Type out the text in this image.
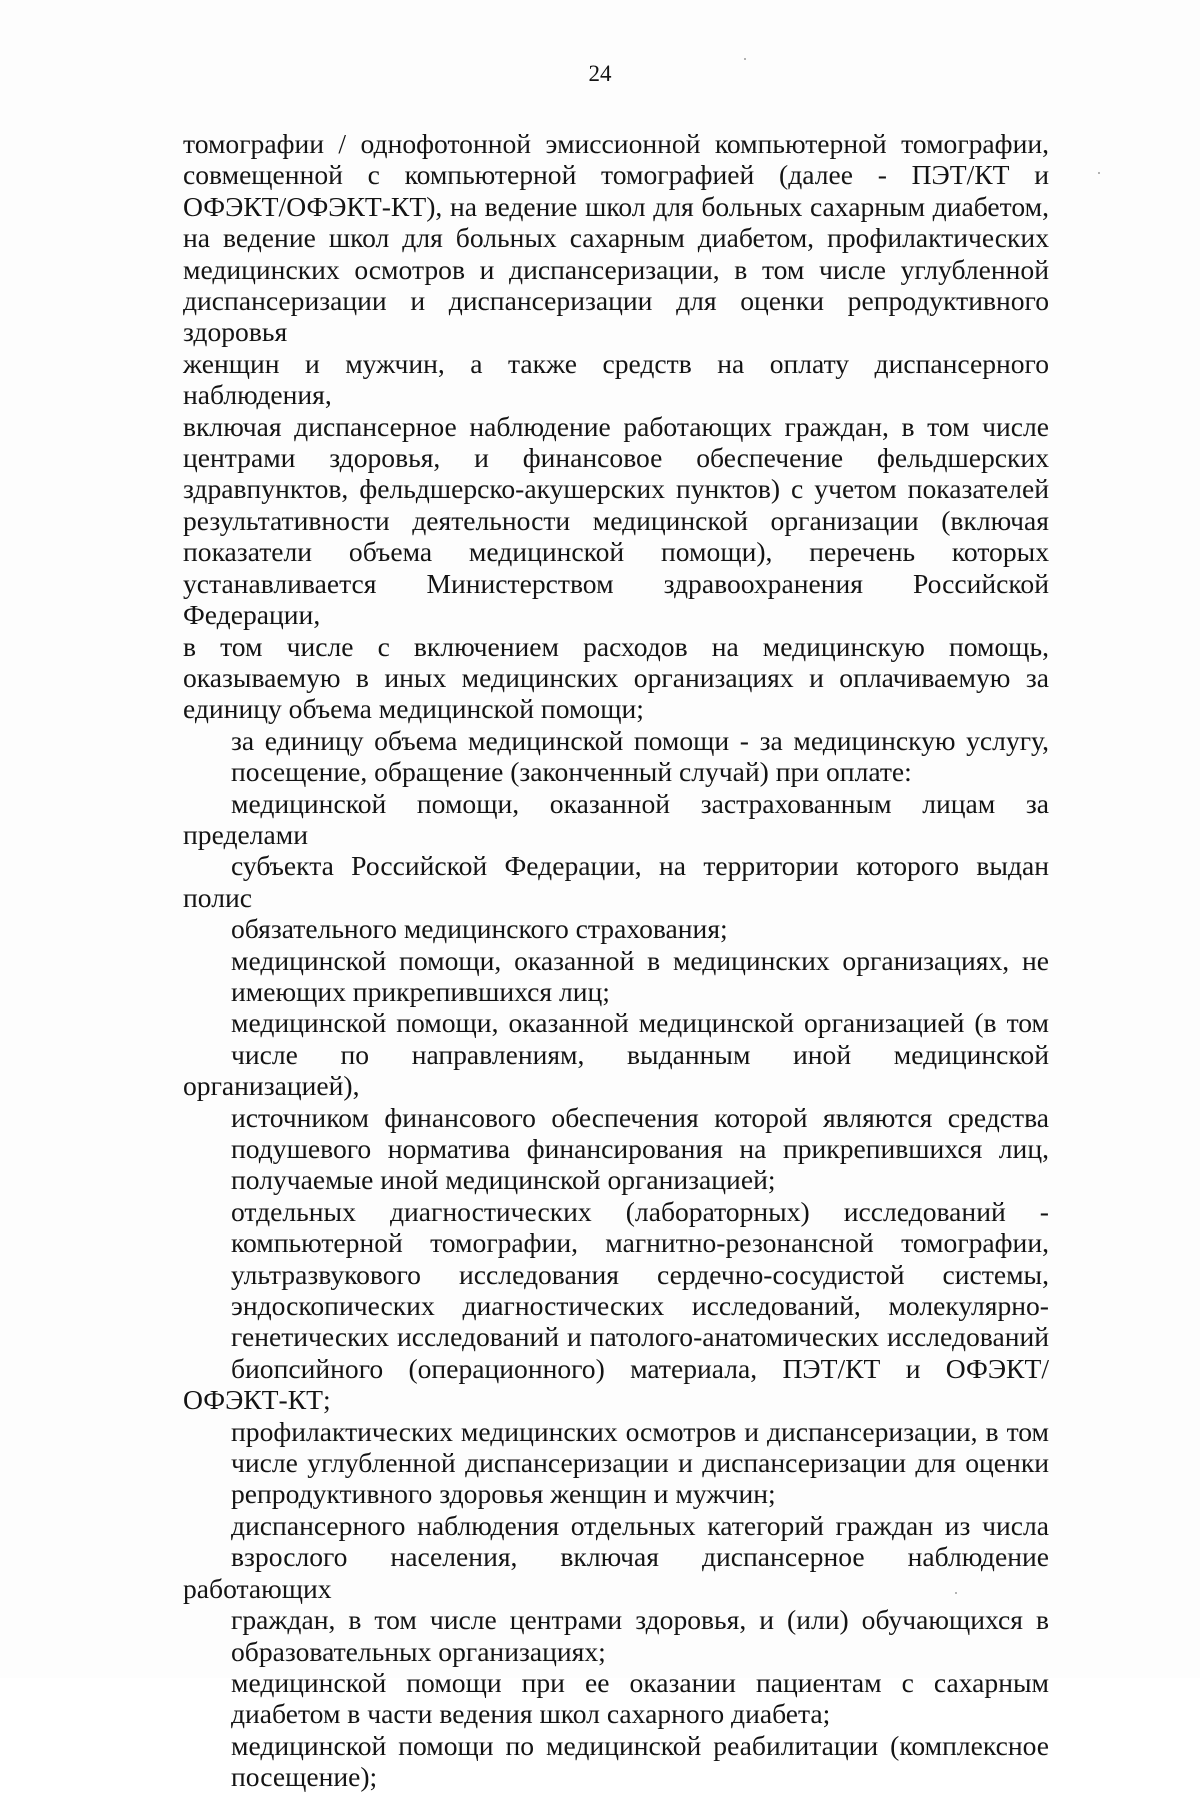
24
томографии / однофотонной эмиссионной компьютерной томографии,
совмещенной с компьютерной томографией (далее - ПЭТ/КТ и
ОФЭКТ/ОФЭКТ-КТ), на ведение школ для больных сахарным диабетом,
на ведение школ для больных сахарным диабетом, профилактических
медицинских осмотров и диспансеризации, в том числе углубленной
диспансеризации и диспансеризации для оценки репродуктивного здоровья
женщин и мужчин, а также средств на оплату диспансерного наблюдения,
включая диспансерное наблюдение работающих граждан, в том числе
центрами здоровья, и финансовое обеспечение фельдшерских
здравпунктов, фельдшерско-акушерских пунктов) с учетом показателей
результативности деятельности медицинской организации (включая
показатели объема медицинской помощи), перечень которых
устанавливается Министерством здравоохранения Российской Федерации,
в том числе с включением расходов на медицинскую помощь,
оказываемую в иных медицинских организациях и оплачиваемую за
единицу объема медицинской помощи;
за единицу объема медицинской помощи - за медицинскую услугу,
посещение, обращение (законченный случай) при оплате:
медицинской помощи, оказанной застрахованным лицам за пределами
субъекта Российской Федерации, на территории которого выдан полис
обязательного медицинского страхования;
медицинской помощи, оказанной в медицинских организациях, не
имеющих прикрепившихся лиц;
медицинской помощи, оказанной медицинской организацией (в том
числе по направлениям, выданным иной медицинской организацией),
источником финансового обеспечения которой являются средства
подушевого норматива финансирования на прикрепившихся лиц,
получаемые иной медицинской организацией;
отдельных диагностических (лабораторных) исследований -
компьютерной томографии, магнитно-резонансной томографии,
ультразвукового исследования сердечно-сосудистой системы,
эндоскопических диагностических исследований, молекулярно-
генетических исследований и патолого-анатомических исследований
биопсийного (операционного) материала, ПЭТ/КТ и ОФЭКТ/ОФЭКТ-КТ;
профилактических медицинских осмотров и диспансеризации, в том
числе углубленной диспансеризации и диспансеризации для оценки
репродуктивного здоровья женщин и мужчин;
диспансерного наблюдения отдельных категорий граждан из числа
взрослого населения, включая диспансерное наблюдение работающих
граждан, в том числе центрами здоровья, и (или) обучающихся в
образовательных организациях;
медицинской помощи при ее оказании пациентам с сахарным
диабетом в части ведения школ сахарного диабета;
медицинской помощи по медицинской реабилитации (комплексное
посещение);
